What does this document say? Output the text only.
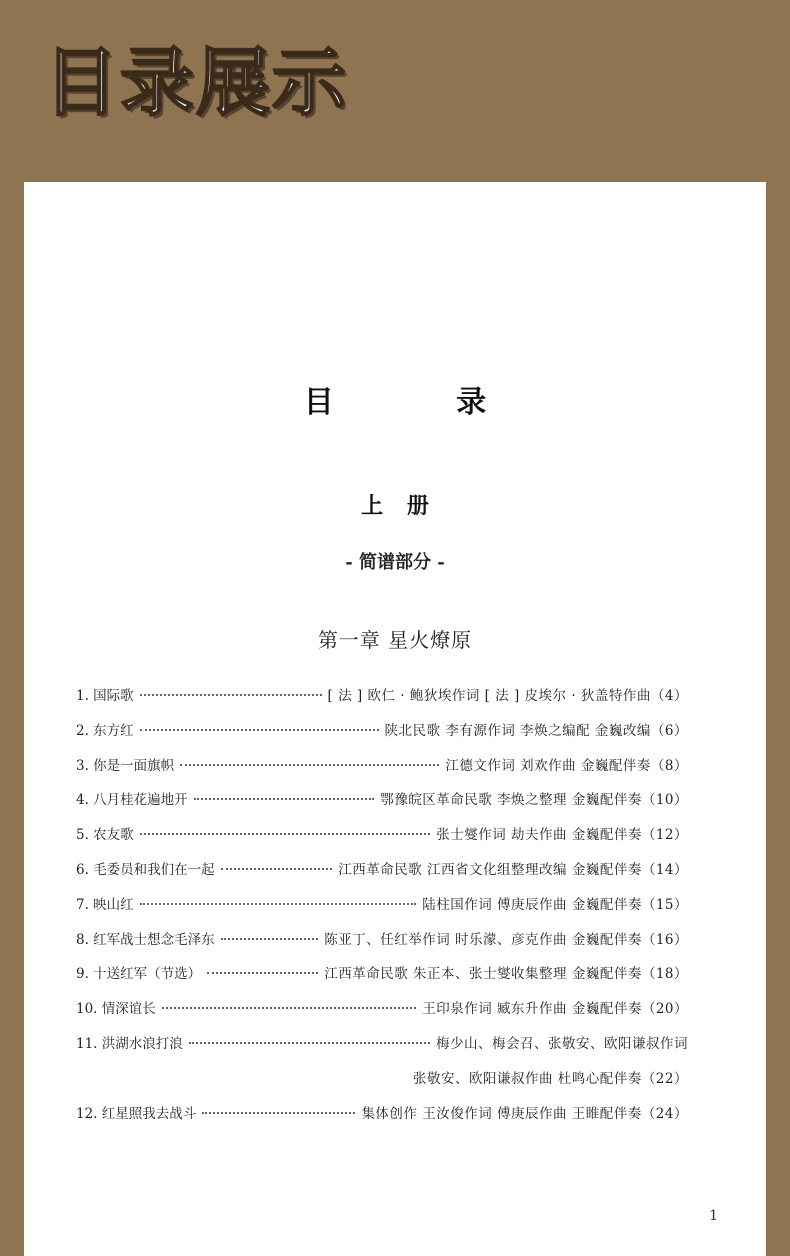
目录展示
目 录
上 册
- 简谱部分 -
第一章 星火燎原
1. 国际歌	[ 法 ] 欧仁 · 鲍狄埃作词 [ 法 ] 皮埃尔 · 狄盖特作曲（4）
2. 东方红	陕北民歌 李有源作词 李焕之编配 金巍改编（6）
3. 你是一面旗帜	江德文作词 刘欢作曲 金巍配伴奏（8）
4. 八月桂花遍地开	鄂豫皖区革命民歌 李焕之整理 金巍配伴奏（10）
5. 农友歌	张士燮作词 劫夫作曲 金巍配伴奏（12）
6. 毛委员和我们在一起	江西革命民歌 江西省文化组整理改编 金巍配伴奏（14）
7. 映山红	陆柱国作词 傅庚辰作曲 金巍配伴奏（15）
8. 红军战士想念毛泽东	陈亚丁、任红举作词 时乐濛、彦克作曲 金巍配伴奏（16）
9. 十送红军（节选）	江西革命民歌 朱正本、张士燮收集整理 金巍配伴奏（18）
10. 情深谊长	王印泉作词 臧东升作曲 金巍配伴奏（20）
11. 洪湖水浪打浪	梅少山、梅会召、张敬安、欧阳谦叔作词
张敬安、欧阳谦叔作曲 杜鸣心配伴奏（22）
12. 红星照我去战斗	集体创作 王汝俊作词 傅庚辰作曲 王睢配伴奏（24）
1
